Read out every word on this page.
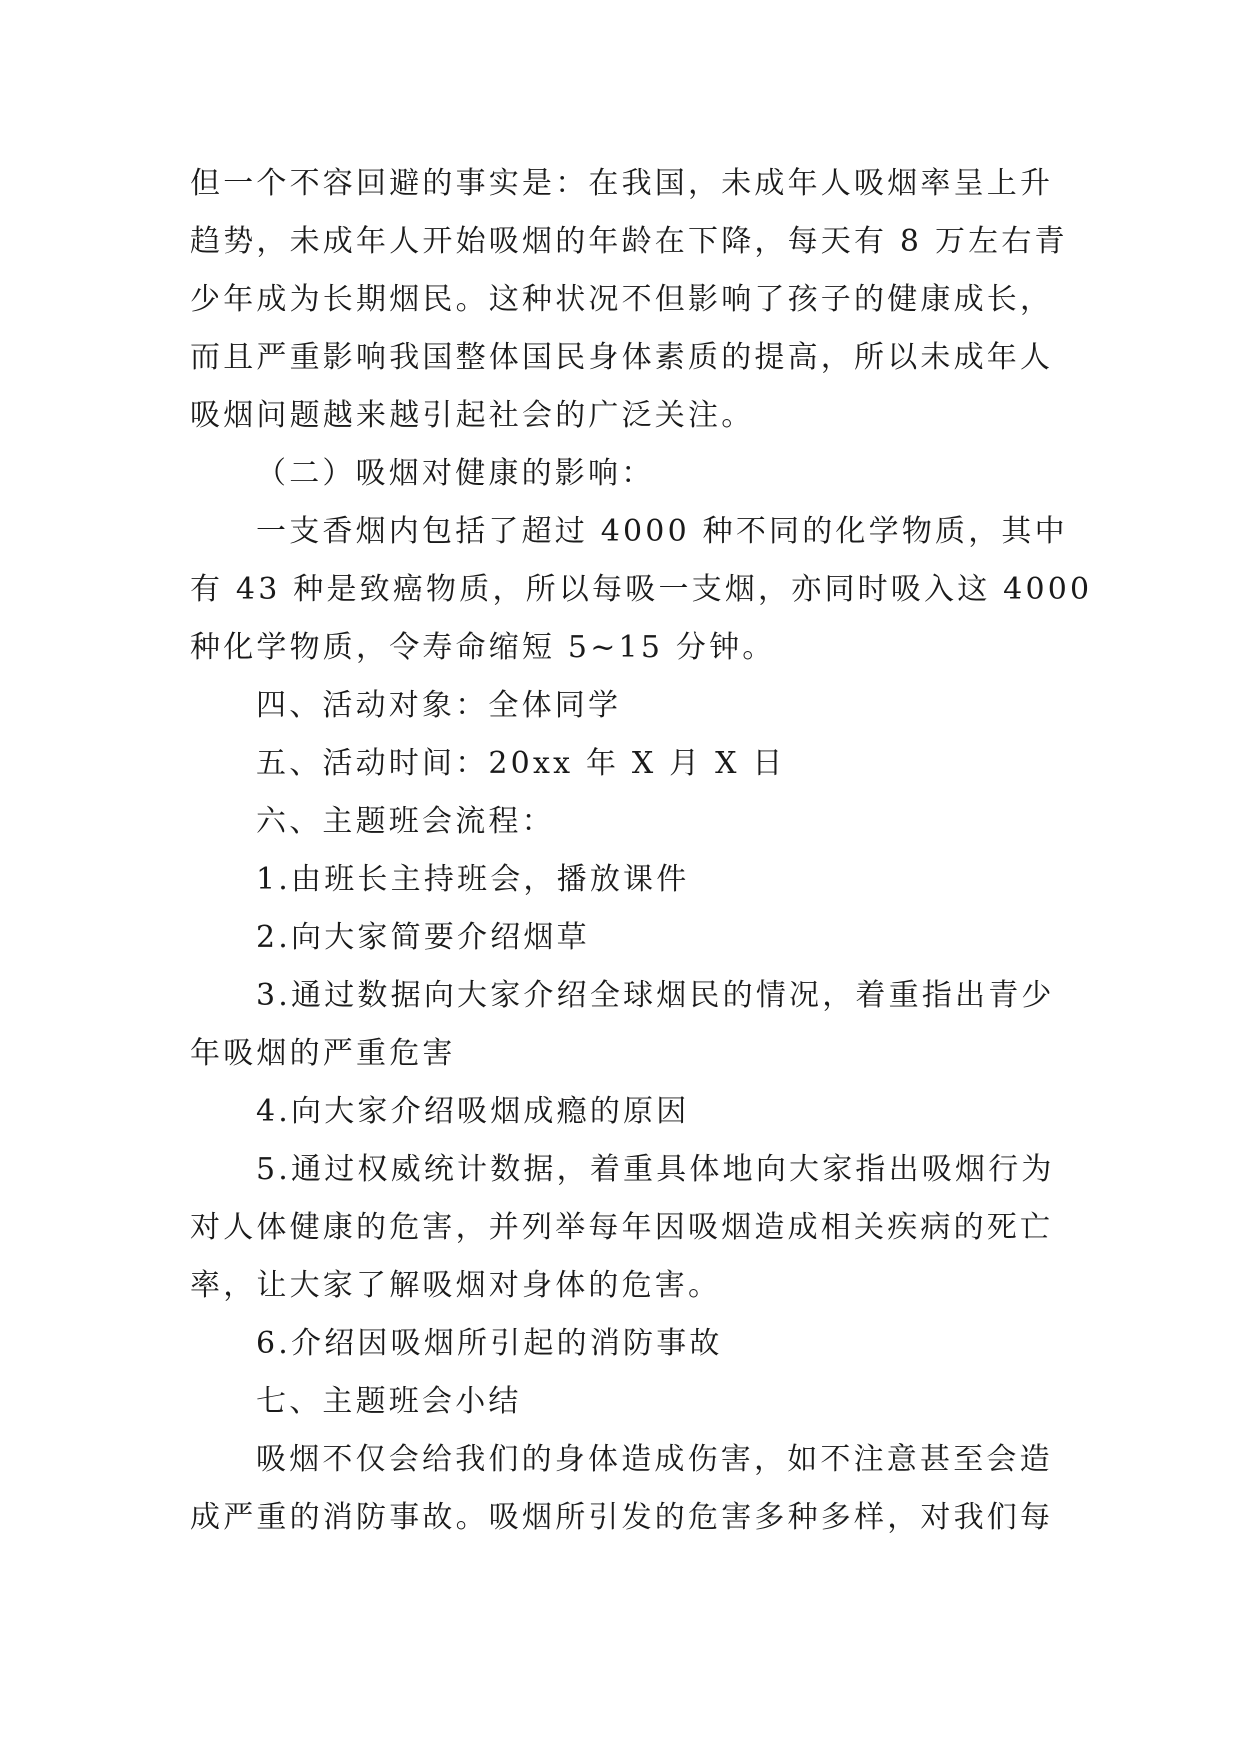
但一个不容回避的事实是：在我国，未成年人吸烟率呈上升
趋势，未成年人开始吸烟的年龄在下降，每天有 8 万左右青
少年成为长期烟民。这种状况不但影响了孩子的健康成长，
而且严重影响我国整体国民身体素质的提高，所以未成年人
吸烟问题越来越引起社会的广泛关注。

（二）吸烟对健康的影响：

一支香烟内包括了超过 4000 种不同的化学物质，其中
有 43 种是致癌物质，所以每吸一支烟，亦同时吸入这 4000
种化学物质，令寿命缩短 5~15 分钟。

四、活动对象：全体同学

五、活动时间：20xx 年 X 月 X 日

六、主题班会流程：

1.由班长主持班会，播放课件

2.向大家简要介绍烟草

3.通过数据向大家介绍全球烟民的情况，着重指出青少
年吸烟的严重危害

4.向大家介绍吸烟成瘾的原因

5.通过权威统计数据，着重具体地向大家指出吸烟行为
对人体健康的危害，并列举每年因吸烟造成相关疾病的死亡
率，让大家了解吸烟对身体的危害。

6.介绍因吸烟所引起的消防事故

七、主题班会小结

吸烟不仅会给我们的身体造成伤害，如不注意甚至会造
成严重的消防事故。吸烟所引发的危害多种多样，对我们每
